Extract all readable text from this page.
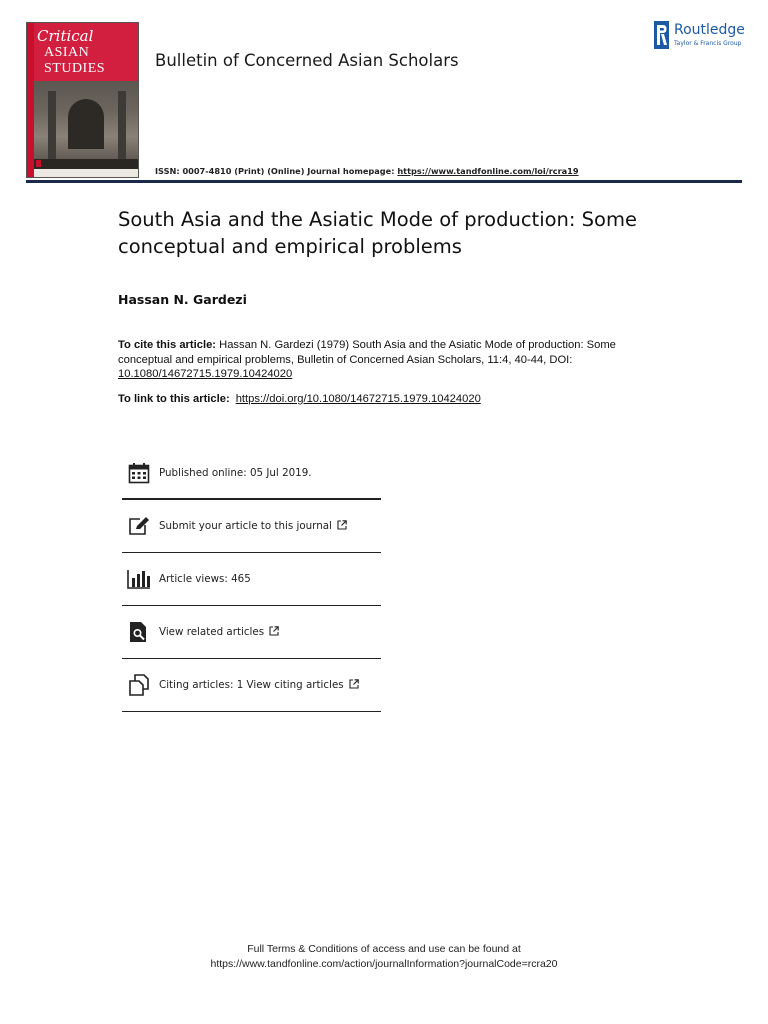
Critical
ASIAN
STUDIES	Bulletin of Concerned Asian Scholars
ISSN: 0007-4810 (Print) (Online) Journal homepage: https://www.tandfonline.com/loi/rcra19
Routledge
Taylor & Francis Group
South Asia and the Asiatic Mode of production: Some conceptual and empirical problems
Hassan N. Gardezi
To cite this article: Hassan N. Gardezi (1979) South Asia and the Asiatic Mode of production: Some conceptual and empirical problems, Bulletin of Concerned Asian Scholars, 11:4, 40-44, DOI: 10.1080/14672715.1979.10424020
To link to this article: https://doi.org/10.1080/14672715.1979.10424020
Published online: 05 Jul 2019.
Submit your article to this journal
Article views: 465
View related articles
Citing articles: 1 View citing articles
Full Terms & Conditions of access and use can be found at
https://www.tandfonline.com/action/journalInformation?journalCode=rcra20
